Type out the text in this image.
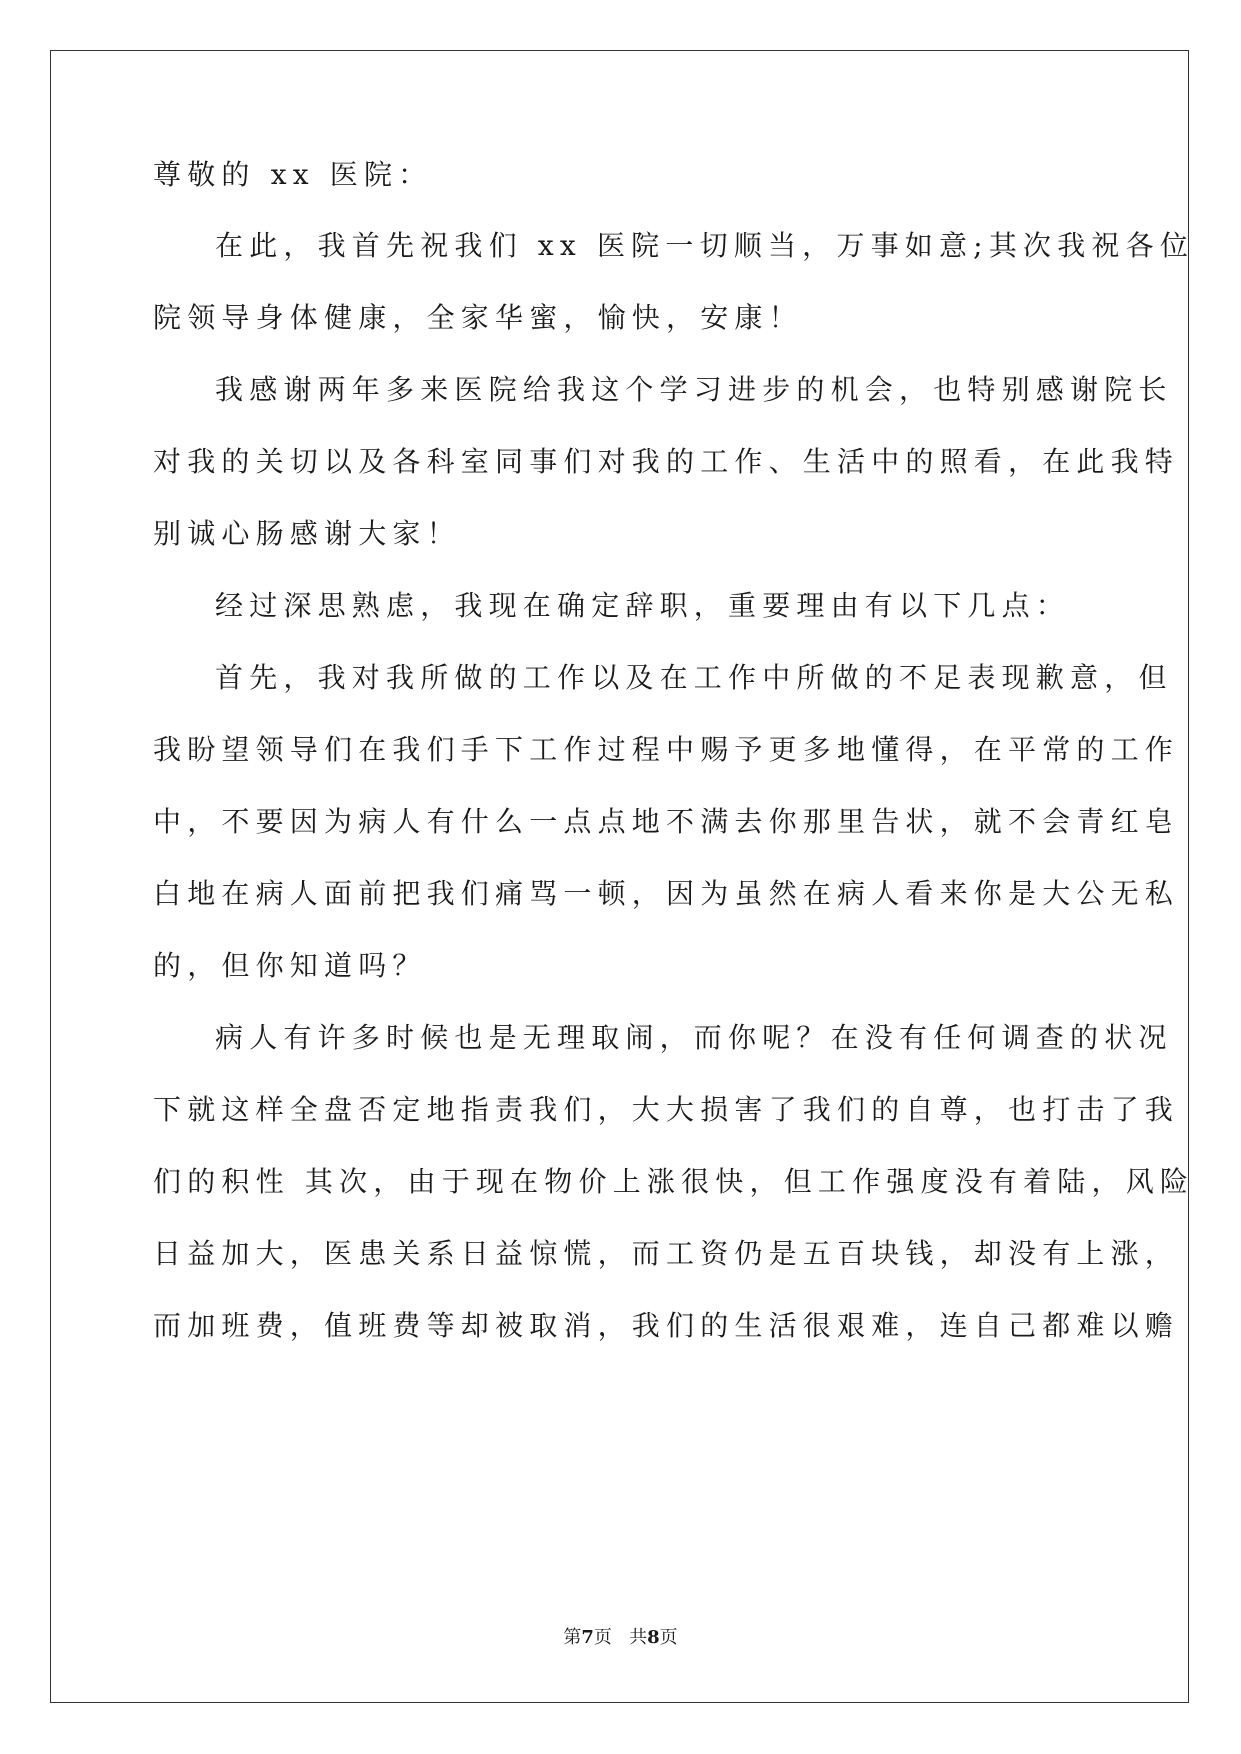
尊敬的 xx 医院：
在此，我首先祝我们 xx 医院一切顺当，万事如意;其次我祝各位
院领导身体健康，全家华蜜，愉快，安康！
我感谢两年多来医院给我这个学习进步的机会，也特别感谢院长
对我的关切以及各科室同事们对我的工作、生活中的照看，在此我特
别诚心肠感谢大家！
经过深思熟虑，我现在确定辞职，重要理由有以下几点：
首先，我对我所做的工作以及在工作中所做的不足表现歉意，但
我盼望领导们在我们手下工作过程中赐予更多地懂得，在平常的工作
中，不要因为病人有什么一点点地不满去你那里告状，就不会青红皂
白地在病人面前把我们痛骂一顿，因为虽然在病人看来你是大公无私
的，但你知道吗？
病人有许多时候也是无理取闹，而你呢？在没有任何调查的状况
下就这样全盘否定地指责我们，大大损害了我们的自尊，也打击了我
们的积性 其次，由于现在物价上涨很快，但工作强度没有着陆，风险
日益加大，医患关系日益惊慌，而工资仍是五百块钱，却没有上涨，
而加班费，值班费等却被取消，我们的生活很艰难，连自己都难以赡
第7页 共8页
